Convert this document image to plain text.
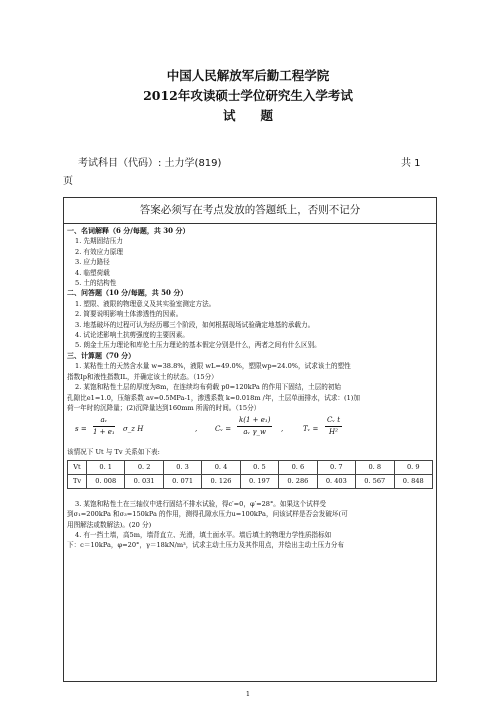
中国人民解放军后勤工程学院
2012年攻读硕士学位研究生入学考试
试　　题
考试科目（代码）: 土力学(819)	共 1
页
答案必须写在考点发放的答题纸上，否则不记分
一、名词解释（6 分/每题，共 30 分）
1. 先期固结压力
2. 有效应力原理
3. 应力路径
4. 临塑荷载
5. 土的结构性
二、问答题（10 分/每题，共 50 分）
1. 塑限、液限的物理意义及其实验室测定方法。
2. 简要说明影响土体渗透性的因素。
3. 地基破坏的过程可认为经历哪三个阶段，如何根据现场试验确定地基的承载力。
4. 试论述影响土抗剪强度的主要因素。
5. 朗金土压力理论和库伦土压力理论的基本假定分别是什么，两者之间有什么区别。
三、计算题（70 分）
1. 某粘性土的天然含水量 w=38.8%，液限 wL=49.0%，塑限wp=24.0%，试求该土的塑性
指数Ip和液性指数IL，并确定该土的状态。（15分）
2. 某饱和粘性土层的厚度为8m，在连续均布荷载 p0=120kPa 的作用下固结，土层的初始
孔隙比e1=1.0，压缩系数 av=0.5MPa-1，渗透系数 k=0.018m /年，土层单面排水，试求：(1)加
荷一年时的沉降量；(2)沉降量达到160mm 所需的时间。（15分）
$s = \frac{\text{aᵥ}}{\text{1 + e₁}}$ σ_z H	,	Cᵥ = $\frac{\text{k(1 + e₁)}}{\text{aᵥ γ\_w}}$ ,	Tᵥ = $\frac{\text{Cᵥ t}}{\text{H²}}$
该情况下 Ut 与 Tv 关系如下表:
Vt	0. 1	0. 2	0. 3	0. 4	0. 5	0. 6	0. 7	0. 8	0. 9
Tv	0. 008	0. 031	0. 071	0. 126	0. 197	0. 286	0. 403	0. 567	0. 848
3. 某饱和粘性土在三轴仪中进行固结不排水试验，得c′=0，φ′=28°。如果这个试样受
到σ₁=200kPa 和σ₃=150kPa 的作用，测得孔隙水压力u=100kPa，问该试样是否会发破坏(可
用图解法或数解法)。(20 分)
4. 有一挡土墙，高5m，墙背直立、光滑，填土面水平。墙后填土的物理力学性质指标如
下：c＝10kPa，φ=20°，γ＝18kN/m³，试求主动土压力及其作用点，并绘出主动土压力分布
1
